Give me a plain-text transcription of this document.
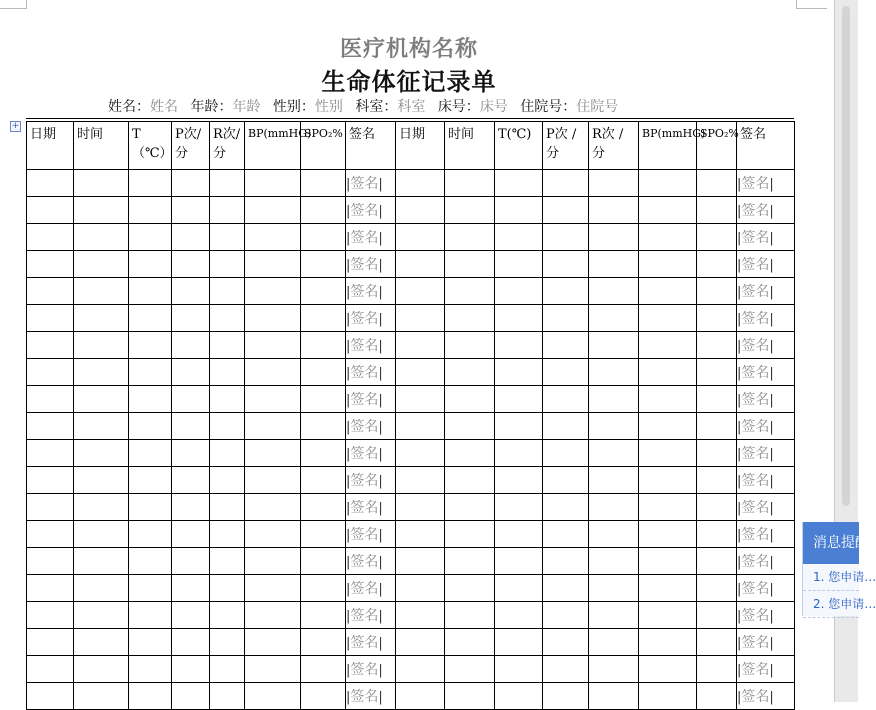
医疗机构名称
生命体征记录单
姓名：姓名 年龄：年龄 性别：性别 科室：科室 床号：床号 住院号：住院号
+
日期	时间	T（℃）	P次/分	R次/分	BP(mmHG)	SPO₂%	签名	日期	时间	T(℃)	P次 / 分	R次 / 分	BP(mmHG)	SPO₂%	签名
							|签名|								|签名|
							|签名|								|签名|
							|签名|								|签名|
							|签名|								|签名|
							|签名|								|签名|
							|签名|								|签名|
							|签名|								|签名|
							|签名|								|签名|
							|签名|								|签名|
							|签名|								|签名|
							|签名|								|签名|
							|签名|								|签名|
							|签名|								|签名|
							|签名|								|签名|
							|签名|								|签名|
							|签名|								|签名|
							|签名|								|签名|
							|签名|								|签名|
							|签名|								|签名|
							|签名|								|签名|
消息提醒
1. 您申请…
2. 您申请…
